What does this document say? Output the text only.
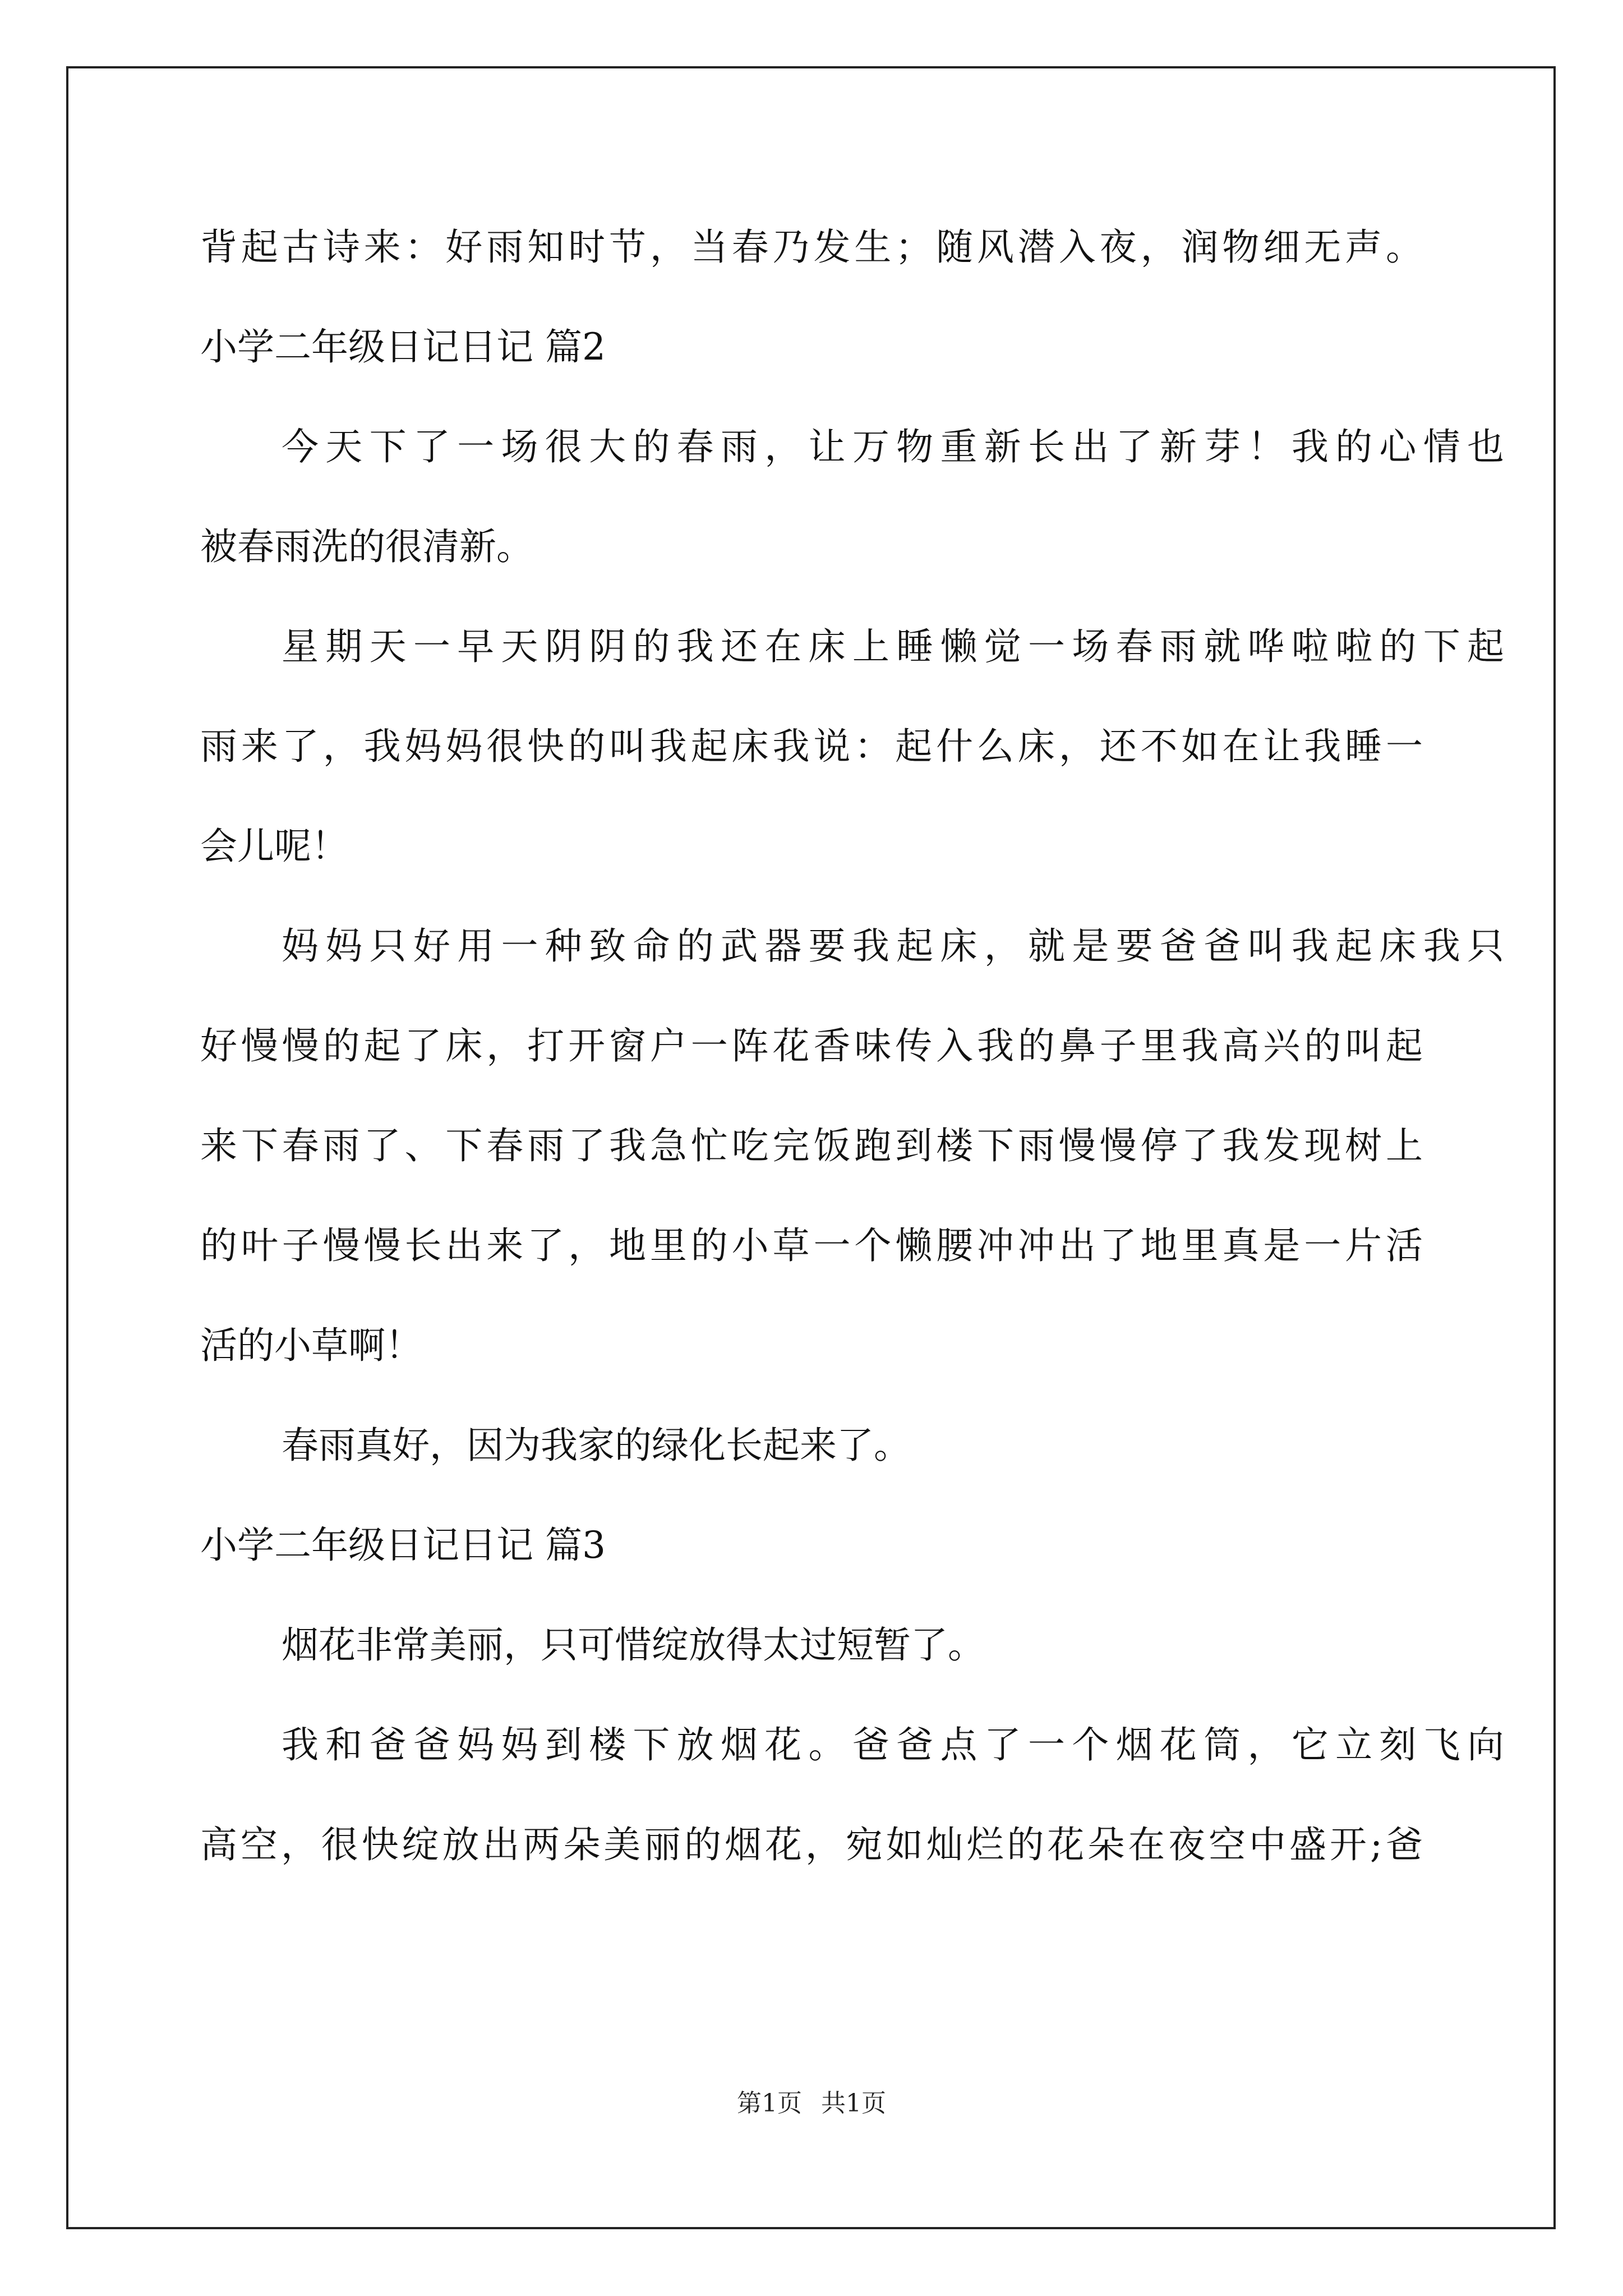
背起古诗来：好雨知时节，当春乃发生；随风潜入夜，润物细无声。
小学二年级日记日记 篇2
今天下了一场很大的春雨，让万物重新长出了新芽！我的心情也
被春雨洗的很清新。
星期天一早天阴阴的我还在床上睡懒觉一场春雨就哗啦啦的下起
雨来了，我妈妈很快的叫我起床我说：起什么床，还不如在让我睡一
会儿呢！
妈妈只好用一种致命的武器要我起床，就是要爸爸叫我起床我只
好慢慢的起了床，打开窗户一阵花香味传入我的鼻子里我高兴的叫起
来下春雨了、下春雨了我急忙吃完饭跑到楼下雨慢慢停了我发现树上
的叶子慢慢长出来了，地里的小草一个懒腰冲冲出了地里真是一片活
活的小草啊！
春雨真好，因为我家的绿化长起来了。
小学二年级日记日记 篇3
烟花非常美丽，只可惜绽放得太过短暂了。
我和爸爸妈妈到楼下放烟花。爸爸点了一个烟花筒，它立刻飞向
高空，很快绽放出两朵美丽的烟花，宛如灿烂的花朵在夜空中盛开;爸
第1页 共1页
